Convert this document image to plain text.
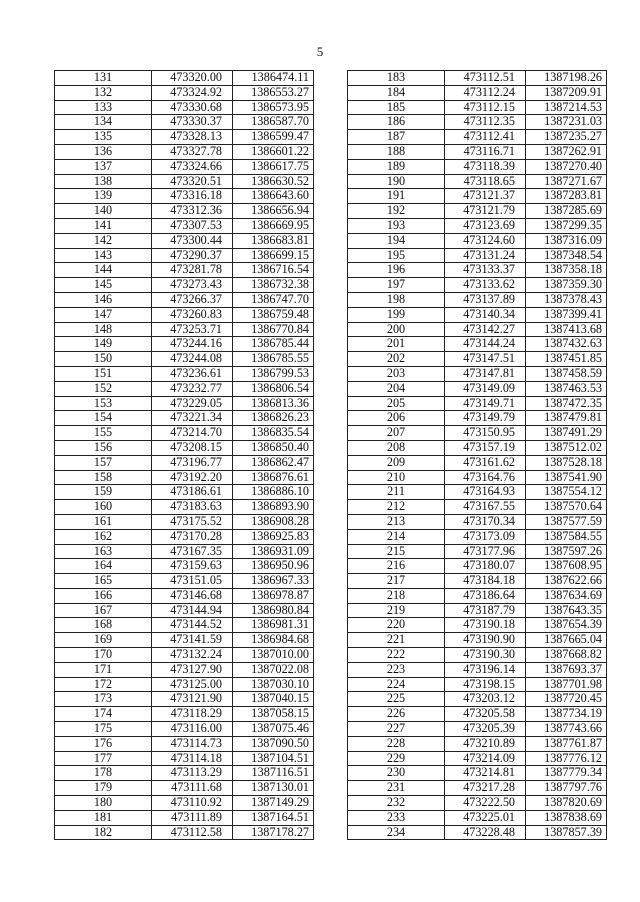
5
131	473320.00	1386474.11
132	473324.92	1386553.27
133	473330.68	1386573.95
134	473330.37	1386587.70
135	473328.13	1386599.47
136	473327.78	1386601.22
137	473324.66	1386617.75
138	473320.51	1386630.52
139	473316.18	1386643.60
140	473312.36	1386656.94
141	473307.53	1386669.95
142	473300.44	1386683.81
143	473290.37	1386699.15
144	473281.78	1386716.54
145	473273.43	1386732.38
146	473266.37	1386747.70
147	473260.83	1386759.48
148	473253.71	1386770.84
149	473244.16	1386785.44
150	473244.08	1386785.55
151	473236.61	1386799.53
152	473232.77	1386806.54
153	473229.05	1386813.36
154	473221.34	1386826.23
155	473214.70	1386835.54
156	473208.15	1386850.40
157	473196.77	1386862.47
158	473192.20	1386876.61
159	473186.61	1386886.10
160	473183.63	1386893.90
161	473175.52	1386908.28
162	473170.28	1386925.83
163	473167.35	1386931.09
164	473159.63	1386950.96
165	473151.05	1386967.33
166	473146.68	1386978.87
167	473144.94	1386980.84
168	473144.52	1386981.31
169	473141.59	1386984.68
170	473132.24	1387010.00
171	473127.90	1387022.08
172	473125.00	1387030.10
173	473121.90	1387040.15
174	473118.29	1387058.15
175	473116.00	1387075.46
176	473114.73	1387090.50
177	473114.18	1387104.51
178	473113.29	1387116.51
179	473111.68	1387130.01
180	473110.92	1387149.29
181	473111.89	1387164.51
182	473112.58	1387178.27
183	473112.51	1387198.26
184	473112.24	1387209.91
185	473112.15	1387214.53
186	473112.35	1387231.03
187	473112.41	1387235.27
188	473116.71	1387262.91
189	473118.39	1387270.40
190	473118.65	1387271.67
191	473121.37	1387283.81
192	473121.79	1387285.69
193	473123.69	1387299.35
194	473124.60	1387316.09
195	473131.24	1387348.54
196	473133.37	1387358.18
197	473133.62	1387359.30
198	473137.89	1387378.43
199	473140.34	1387399.41
200	473142.27	1387413.68
201	473144.24	1387432.63
202	473147.51	1387451.85
203	473147.81	1387458.59
204	473149.09	1387463.53
205	473149.71	1387472.35
206	473149.79	1387479.81
207	473150.95	1387491.29
208	473157.19	1387512.02
209	473161.62	1387528.18
210	473164.76	1387541.90
211	473164.93	1387554.12
212	473167.55	1387570.64
213	473170.34	1387577.59
214	473173.09	1387584.55
215	473177.96	1387597.26
216	473180.07	1387608.95
217	473184.18	1387622.66
218	473186.64	1387634.69
219	473187.79	1387643.35
220	473190.18	1387654.39
221	473190.90	1387665.04
222	473190.30	1387668.82
223	473196.14	1387693.37
224	473198.15	1387701.98
225	473203.12	1387720.45
226	473205.58	1387734.19
227	473205.39	1387743.66
228	473210.89	1387761.87
229	473214.09	1387776.12
230	473214.81	1387779.34
231	473217.28	1387797.76
232	473222.50	1387820.69
233	473225.01	1387838.69
234	473228.48	1387857.39
